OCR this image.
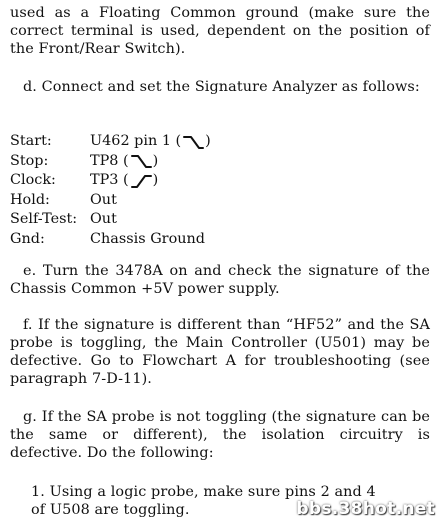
used as a Floating Common ground (make sure the correct terminal is used, dependent on the position of the Front/Rear Switch).

d. Connect and set the Signature Analyzer as follows:

Start:	U462 pin 1 ( )
Stop:	TP8 ( )
Clock:	TP3 ( )
Hold:	Out
Self-Test: Out
Gnd:	Chassis Ground

e. Turn the 3478A on and check the signature of the Chassis Common +5V power supply.

f. If the signature is different than “HF52” and the SA probe is toggling, the Main Controller (U501) may be defective. Go to Flowchart A for troubleshooting (see paragraph 7-D-11).

g. If the SA probe is not toggling (the signature can be the same or different), the isolation circuitry is defective. Do the following:

1. Using a logic probe, make sure pins 2 and 4

of U508 are toggling.	bbs.38hot.net
